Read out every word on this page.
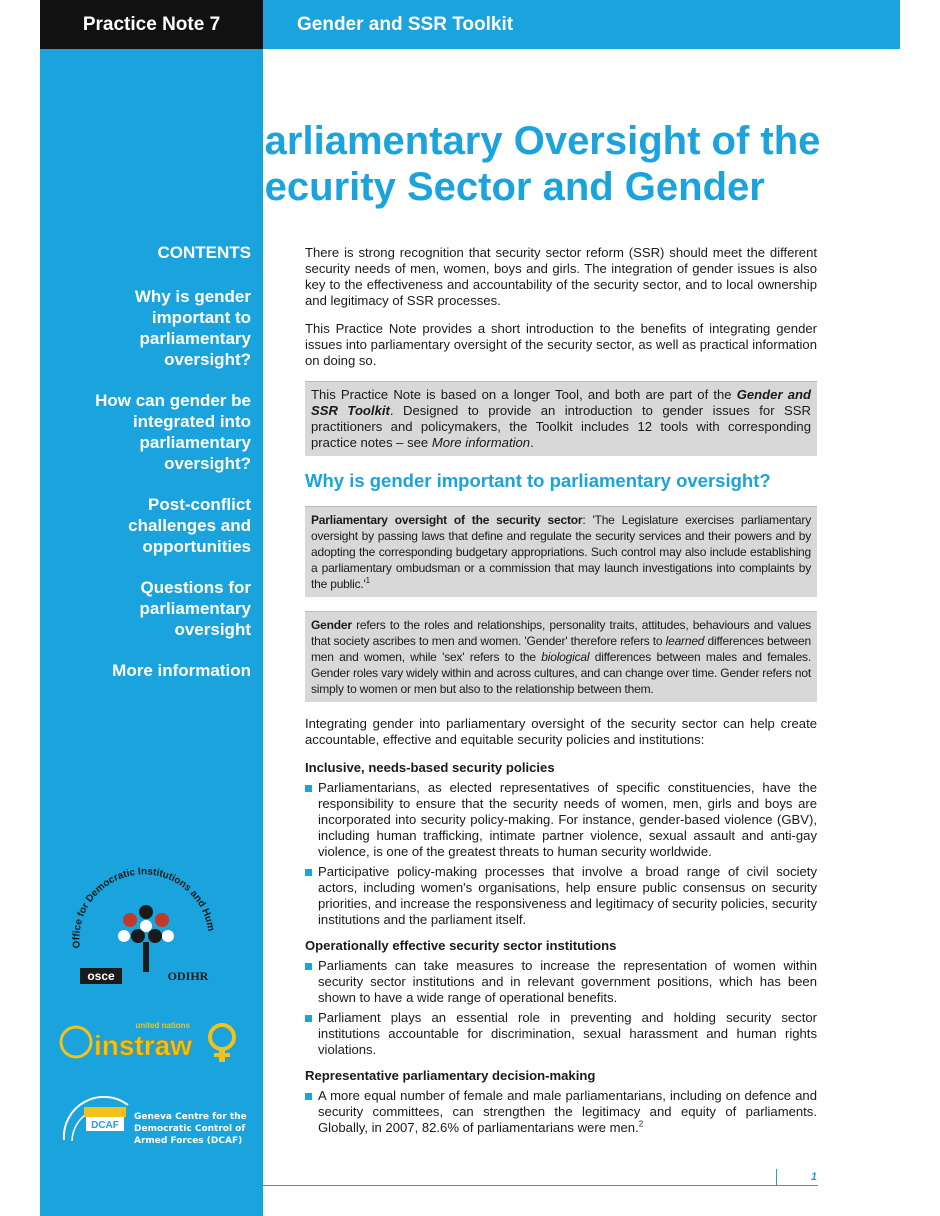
Practice Note 7	Gender and SSR Toolkit
Parliamentary Oversight of the
Security Sector and Gender
CONTENTS
Why is gender important to parliamentary oversight?
How can gender be integrated into parliamentary oversight?
Post-conflict challenges and opportunities
Questions for parliamentary oversight
More information
Office for Democratic Institutions and Hum
osce	ODIHR

united nations
instraw

DCAF
Geneva Centre for the
Democratic Control of
Armed Forces (DCAF)

There is strong recognition that security sector reform (SSR) should meet the different security needs of men, women, boys and girls. The integration of gender issues is also key to the effectiveness and accountability of the security sector, and to local ownership and legitimacy of SSR processes.

This Practice Note provides a short introduction to the benefits of integrating gender issues into parliamentary oversight of the security sector, as well as practical information on doing so.

This Practice Note is based on a longer Tool, and both are part of the Gender and SSR Toolkit. Designed to provide an introduction to gender issues for SSR practitioners and policymakers, the Toolkit includes 12 tools with corresponding practice notes – see More information.
Why is gender important to parliamentary oversight?
Parliamentary oversight of the security sector: 'The Legislature exercises parliamentary oversight by passing laws that define and regulate the security services and their powers and by adopting the corresponding budgetary appropriations. Such control may also include establishing a parliamentary ombudsman or a commission that may launch investigations into complaints by the $public.'^1$
Gender refers to the roles and relationships, personality traits, attitudes, behaviours and values that society ascribes to men and women. 'Gender' therefore refers to learned differences between men and women, while 'sex' refers to the biological differences between males and females. Gender roles vary widely within and across cultures, and can change over time. Gender refers not simply to women or men but also to the relationship between them.

Integrating gender into parliamentary oversight of the security sector can help create accountable, effective and equitable security policies and institutions:

Inclusive, needs-based security policies
Parliamentarians, as elected representatives of specific constituencies, have the responsibility to ensure that the security needs of women, men, girls and boys are incorporated into security policy-making. For instance, gender-based violence (GBV), including human trafficking, intimate partner violence, sexual assault and anti-gay violence, is one of the greatest threats to human security worldwide.
Participative policy-making processes that involve a broad range of civil society actors, including women's organisations, help ensure public consensus on security priorities, and increase the responsiveness and legitimacy of security policies, security institutions and the parliament itself.
Operationally effective security sector institutions
Parliaments can take measures to increase the representation of women within security sector institutions and in relevant government positions, which has been shown to have a wide range of operational benefits.
Parliament plays an essential role in preventing and holding security sector institutions accountable for discrimination, sexual harassment and human rights violations.
Representative parliamentary decision-making
A more equal number of female and male parliamentarians, including on defence and security committees, can strengthen the legitimacy and equity of parliaments. Globally, in 2007, 82.6% of parliamentarians were men.$^2$
1
